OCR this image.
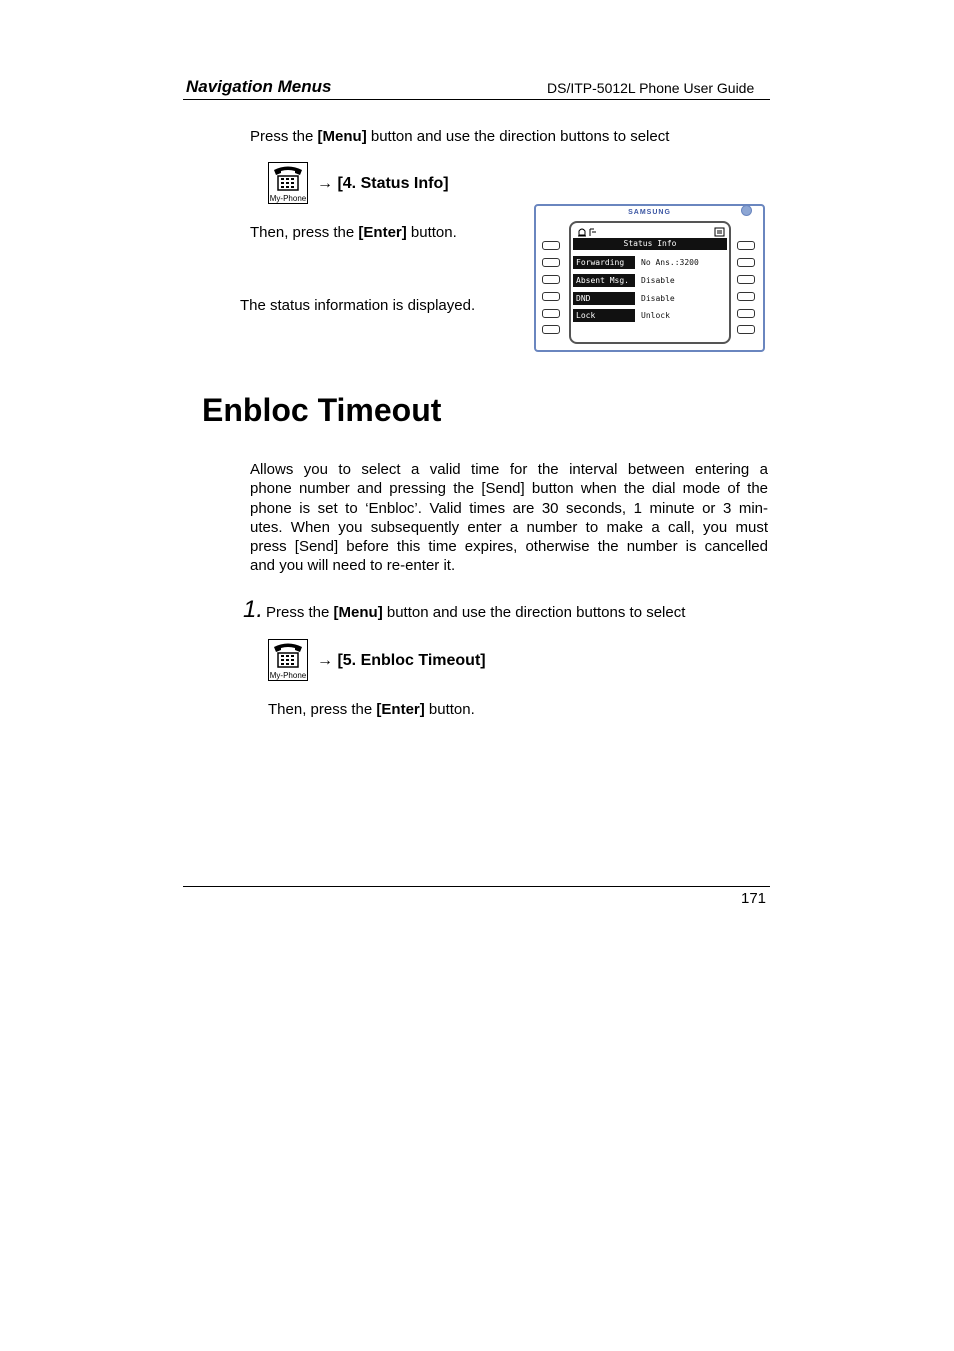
Navigation Menus	DS/ITP-5012L Phone User Guide
Press the [Menu] button and use the direction buttons to select
My-Phone
→ [4. Status Info]
Then, press the [Enter] button.
The status information is displayed.
SAMSUNG
Status Info
Forwarding	No Ans.:3200
Absent Msg.	Disable
DND	Disable
Lock	Unlock
Enbloc Timeout
Allows you to select a valid time for the interval between entering a
phone number and pressing the [Send] button when the dial mode of the
phone is set to ‘Enbloc’. Valid times are 30 seconds, 1 minute or 3 min-
utes. When you subsequently enter a number to make a call, you must
press [Send] before this time expires, otherwise the number is cancelled
and you will need to re-enter it.
1. Press the [Menu] button and use the direction buttons to select
My-Phone
→ [5. Enbloc Timeout]
Then, press the [Enter] button.
171
